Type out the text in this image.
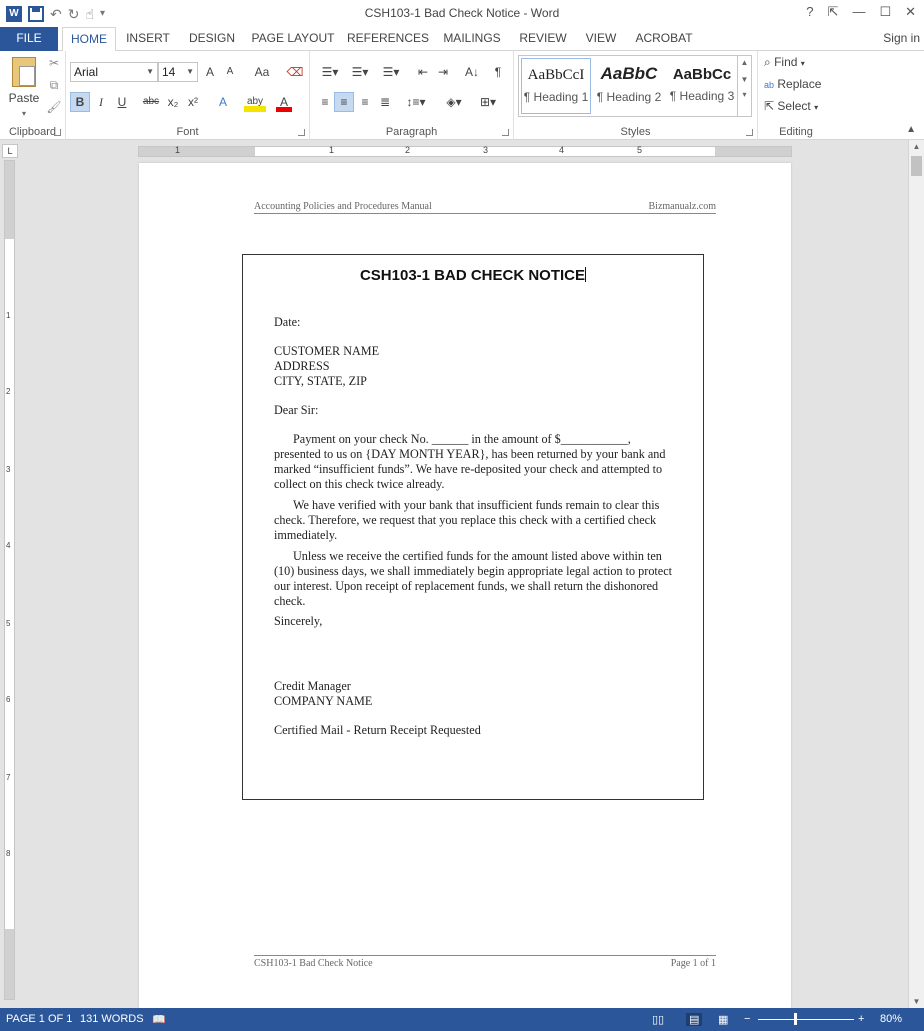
W ↶ ↻ ☝ ▾	CSH103-1 Bad Check Notice - Word	? ⇱ — ☐ ✕
FILE	HOME	INSERT	DESIGN	PAGE LAYOUT REFERENCES MAILINGS	REVIEW	VIEW	ACROBAT	Sign in
Paste
▾
✂
⧉
🖌
Clipboard
Arial	▼ 14 ▼ A	A	Aa	⌫
B	I	U	abc x₂ x²	A	aby	A
Font
☰▾	☰▾	☰▾	⇤ ⇥	A↓	¶
≡ ≡	≡ ≣	↕≡▾	◈▾	⊞▾
Paragraph
AaBbCcI
¶ Heading 1
AaBbC
¶ Heading 2
AaBbCc
¶ Heading 3
▲
▼
▾
Styles
⌕ Find ▾
ab Replace
⇱ Select ▾
Editing	▲
L	1	1	2	3	4	5
1
2
3
4
5
6
7
8
▲
▼
Accounting Policies and Procedures Manual	Bizmanualz.com
CSH103-1 BAD CHECK NOTICE
Date:
CUSTOMER NAME
ADDRESS
CITY, STATE, ZIP
Dear Sir:
Payment on your check No. ______ in the amount of $___________, presented to us on {DAY MONTH YEAR}, has been returned by your bank and marked “insufficient funds”. We have re-deposited your check and attempted to collect on this check twice already.
We have verified with your bank that insufficient funds remain to clear this check. Therefore, we request that you replace this check with a certified check immediately.
Unless we receive the certified funds for the amount listed above within ten (10) business days, we shall immediately begin appropriate legal action to protect our interest. Upon receipt of replacement funds, we shall return the dishonored check.
Sincerely,
Credit Manager
COMPANY NAME
Certified Mail - Return Receipt Requested
CSH103-1 Bad Check Notice	Page 1 of 1
PAGE 1 OF 1 131 WORDS 📖	▯▯ ▤ ▦ −	+ 80%
